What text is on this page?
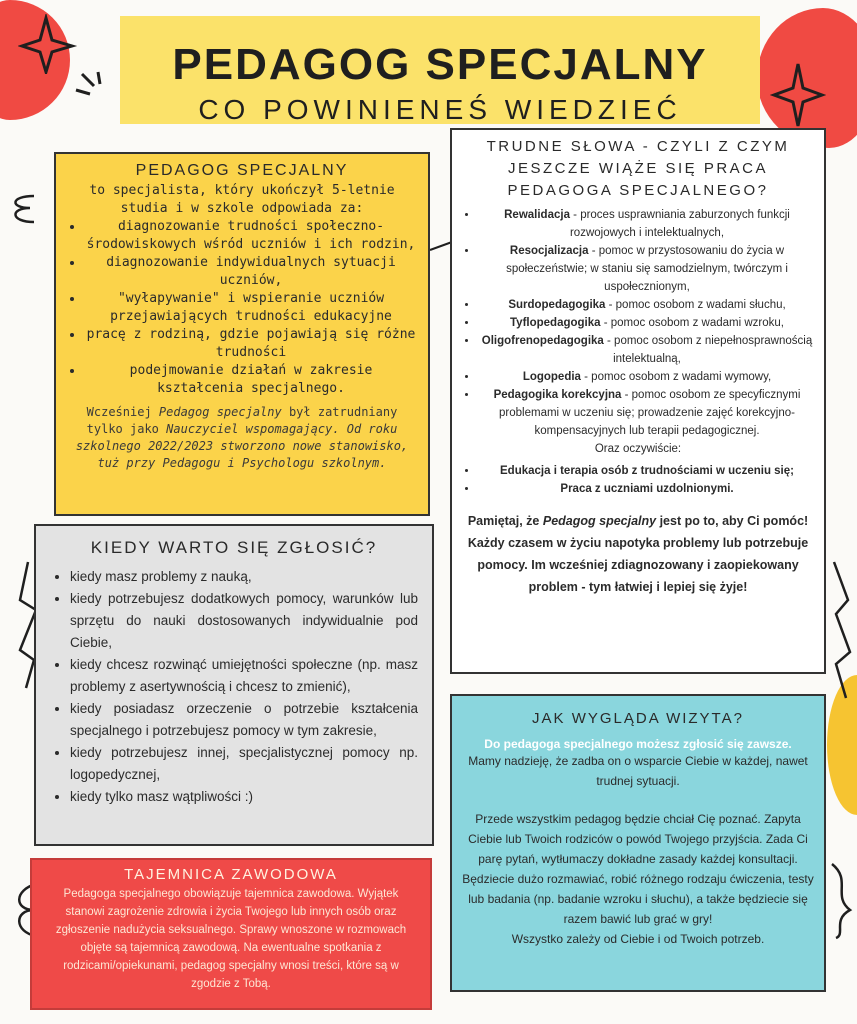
PEDAGOG SPECJALNY
CO POWINIENEŚ WIEDZIEĆ
PEDAGOG SPECJALNY
to specjalista, który ukończył 5-letnie studia i w szkole odpowiada za:
• diagnozowanie trudności społeczno-środowiskowych wśród uczniów i ich rodzin,
• diagnozowanie indywidualnych sytuacji uczniów,
• "wyłapywanie" i wspieranie uczniów przejawiających trudności edukacyjne
• pracę z rodziną, gdzie pojawiają się różne trudności
• podejmowanie działań w zakresie kształcenia specjalnego.
Wcześniej Pedagog specjalny był zatrudniany tylko jako Nauczyciel wspomagający. Od roku szkolnego 2022/2023 stworzono nowe stanowisko, tuż przy Pedagogu i Psychologu szkolnym.
KIEDY WARTO SIĘ ZGŁOSIĆ?
• kiedy masz problemy z nauką,
• kiedy potrzebujesz dodatkowych pomocy, warunków lub sprzętu do nauki dostosowanych indywidualnie pod Ciebie,
• kiedy chcesz rozwinąć umiejętności społeczne (np. masz problemy z asertywnością i chcesz to zmienić),
• kiedy posiadasz orzeczenie o potrzebie kształcenia specjalnego i potrzebujesz pomocy w tym zakresie,
• kiedy potrzebujesz innej, specjalistycznej pomocy np. logopedycznej,
• kiedy tylko masz wątpliwości :)
TAJEMNICA ZAWODOWA
Pedagoga specjalnego obowiązuje tajemnica zawodowa. Wyjątek stanowi zagrożenie zdrowia i życia Twojego lub innych osób oraz zgłoszenie nadużycia seksualnego. Sprawy wnoszone w rozmowach objęte są tajemnicą zawodową. Na ewentualne spotkania z rodzicami/opiekunami, pedagog specjalny wnosi treści, które są w zgodzie z Tobą.
TRUDNE SŁOWA - CZYLI Z CZYM JESZCZE WIĄŻE SIĘ PRACA PEDAGOGA SPECJALNEGO?
• Rewalidacja - proces usprawniania zaburzonych funkcji rozwojowych i intelektualnych,
• Resocjalizacja - pomoc w przystosowaniu do życia w społeczeństwie; w staniu się samodzielnym, twórczym i uspołecznionym,
• Surdopedagogika - pomoc osobom z wadami słuchu,
• Tyflopedagogika - pomoc osobom z wadami wzroku,
• Oligofrenopedagogika - pomoc osobom z niepełnosprawnością intelektualną,
• Logopedia - pomoc osobom z wadami wymowy,
• Pedagogika korekcyjna - pomoc osobom ze specyficznymi problemami w uczeniu się; prowadzenie zajęć korekcyjno-kompensacyjnych lub terapii pedagogicznej.
Oraz oczywiście:
• Edukacja i terapia osób z trudnościami w uczeniu się;
• Praca z uczniami uzdolnionymi.
Pamiętaj, że Pedagog specjalny jest po to, aby Ci pomóc! Każdy czasem w życiu napotyka problemy lub potrzebuje pomocy. Im wcześniej zdiagnozowany i zaopiekowany problem - tym łatwiej i lepiej się żyje!
JAK WYGLĄDA WIZYTA?
Do pedagoga specjalnego możesz zgłosić się zawsze.
Mamy nadzieję, że zadba on o wsparcie Ciebie w każdej, nawet trudnej sytuacji.
Przede wszystkim pedagog będzie chciał Cię poznać. Zapyta Ciebie lub Twoich rodziców o powód Twojego przyjścia. Zada Ci parę pytań, wytłumaczy dokładne zasady każdej konsultacji. Będziecie dużo rozmawiać, robić różnego rodzaju ćwiczenia, testy lub badania (np. badanie wzroku i słuchu), a także będziecie się razem bawić lub grać w gry!
Wszystko zależy od Ciebie i od Twoich potrzeb.
